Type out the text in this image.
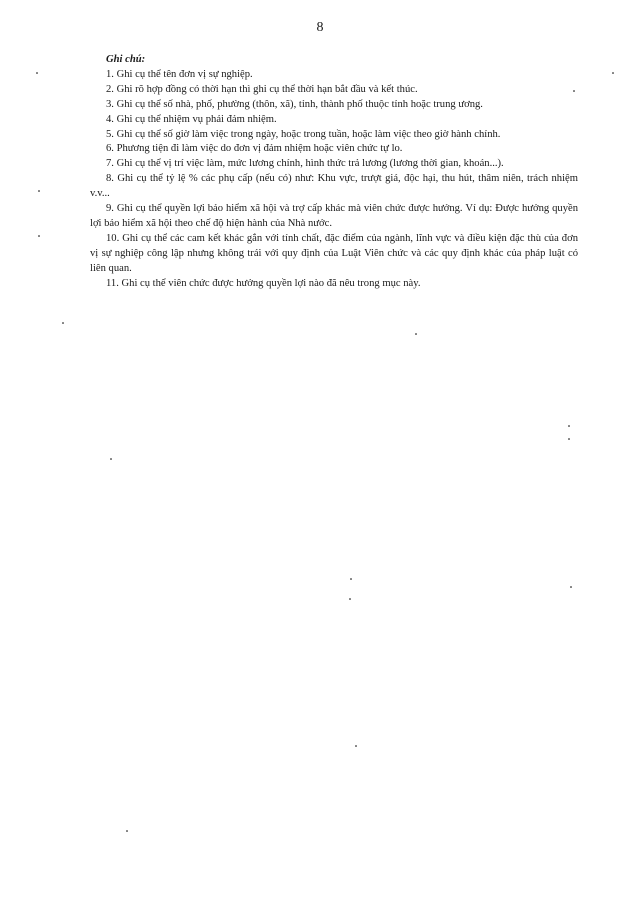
8

Ghi chú:

1. Ghi cụ thể tên đơn vị sự nghiệp.

2. Ghi rõ hợp đồng có thời hạn thì ghi cụ thể thời hạn bắt đầu và kết thúc.

3. Ghi cụ thể số nhà, phố, phường (thôn, xã), tỉnh, thành phố thuộc tỉnh hoặc trung ương.

4. Ghi cụ thể nhiệm vụ phải đảm nhiệm.

5. Ghi cụ thể số giờ làm việc trong ngày, hoặc trong tuần, hoặc làm việc theo giờ hành chính.

6. Phương tiện đi làm việc do đơn vị đảm nhiệm hoặc viên chức tự lo.

7. Ghi cụ thể vị trí việc làm, mức lương chính, hình thức trả lương (lương thời gian, khoán...).

8. Ghi cụ thể tỷ lệ % các phụ cấp (nếu có) như: Khu vực, trượt giá, độc hại, thu hút, thâm niên, trách nhiệm v.v...

9. Ghi cụ thể quyền lợi bảo hiểm xã hội và trợ cấp khác mà viên chức được hưởng. Ví dụ: Được hưởng quyền lợi bảo hiểm xã hội theo chế độ hiện hành của Nhà nước.

10. Ghi cụ thể các cam kết khác gắn với tính chất, đặc điểm của ngành, lĩnh vực và điều kiện đặc thù của đơn vị sự nghiệp công lập nhưng không trái với quy định của Luật Viên chức và các quy định khác của pháp luật có liên quan.

11. Ghi cụ thể viên chức được hưởng quyền lợi nào đã nêu trong mục này.
